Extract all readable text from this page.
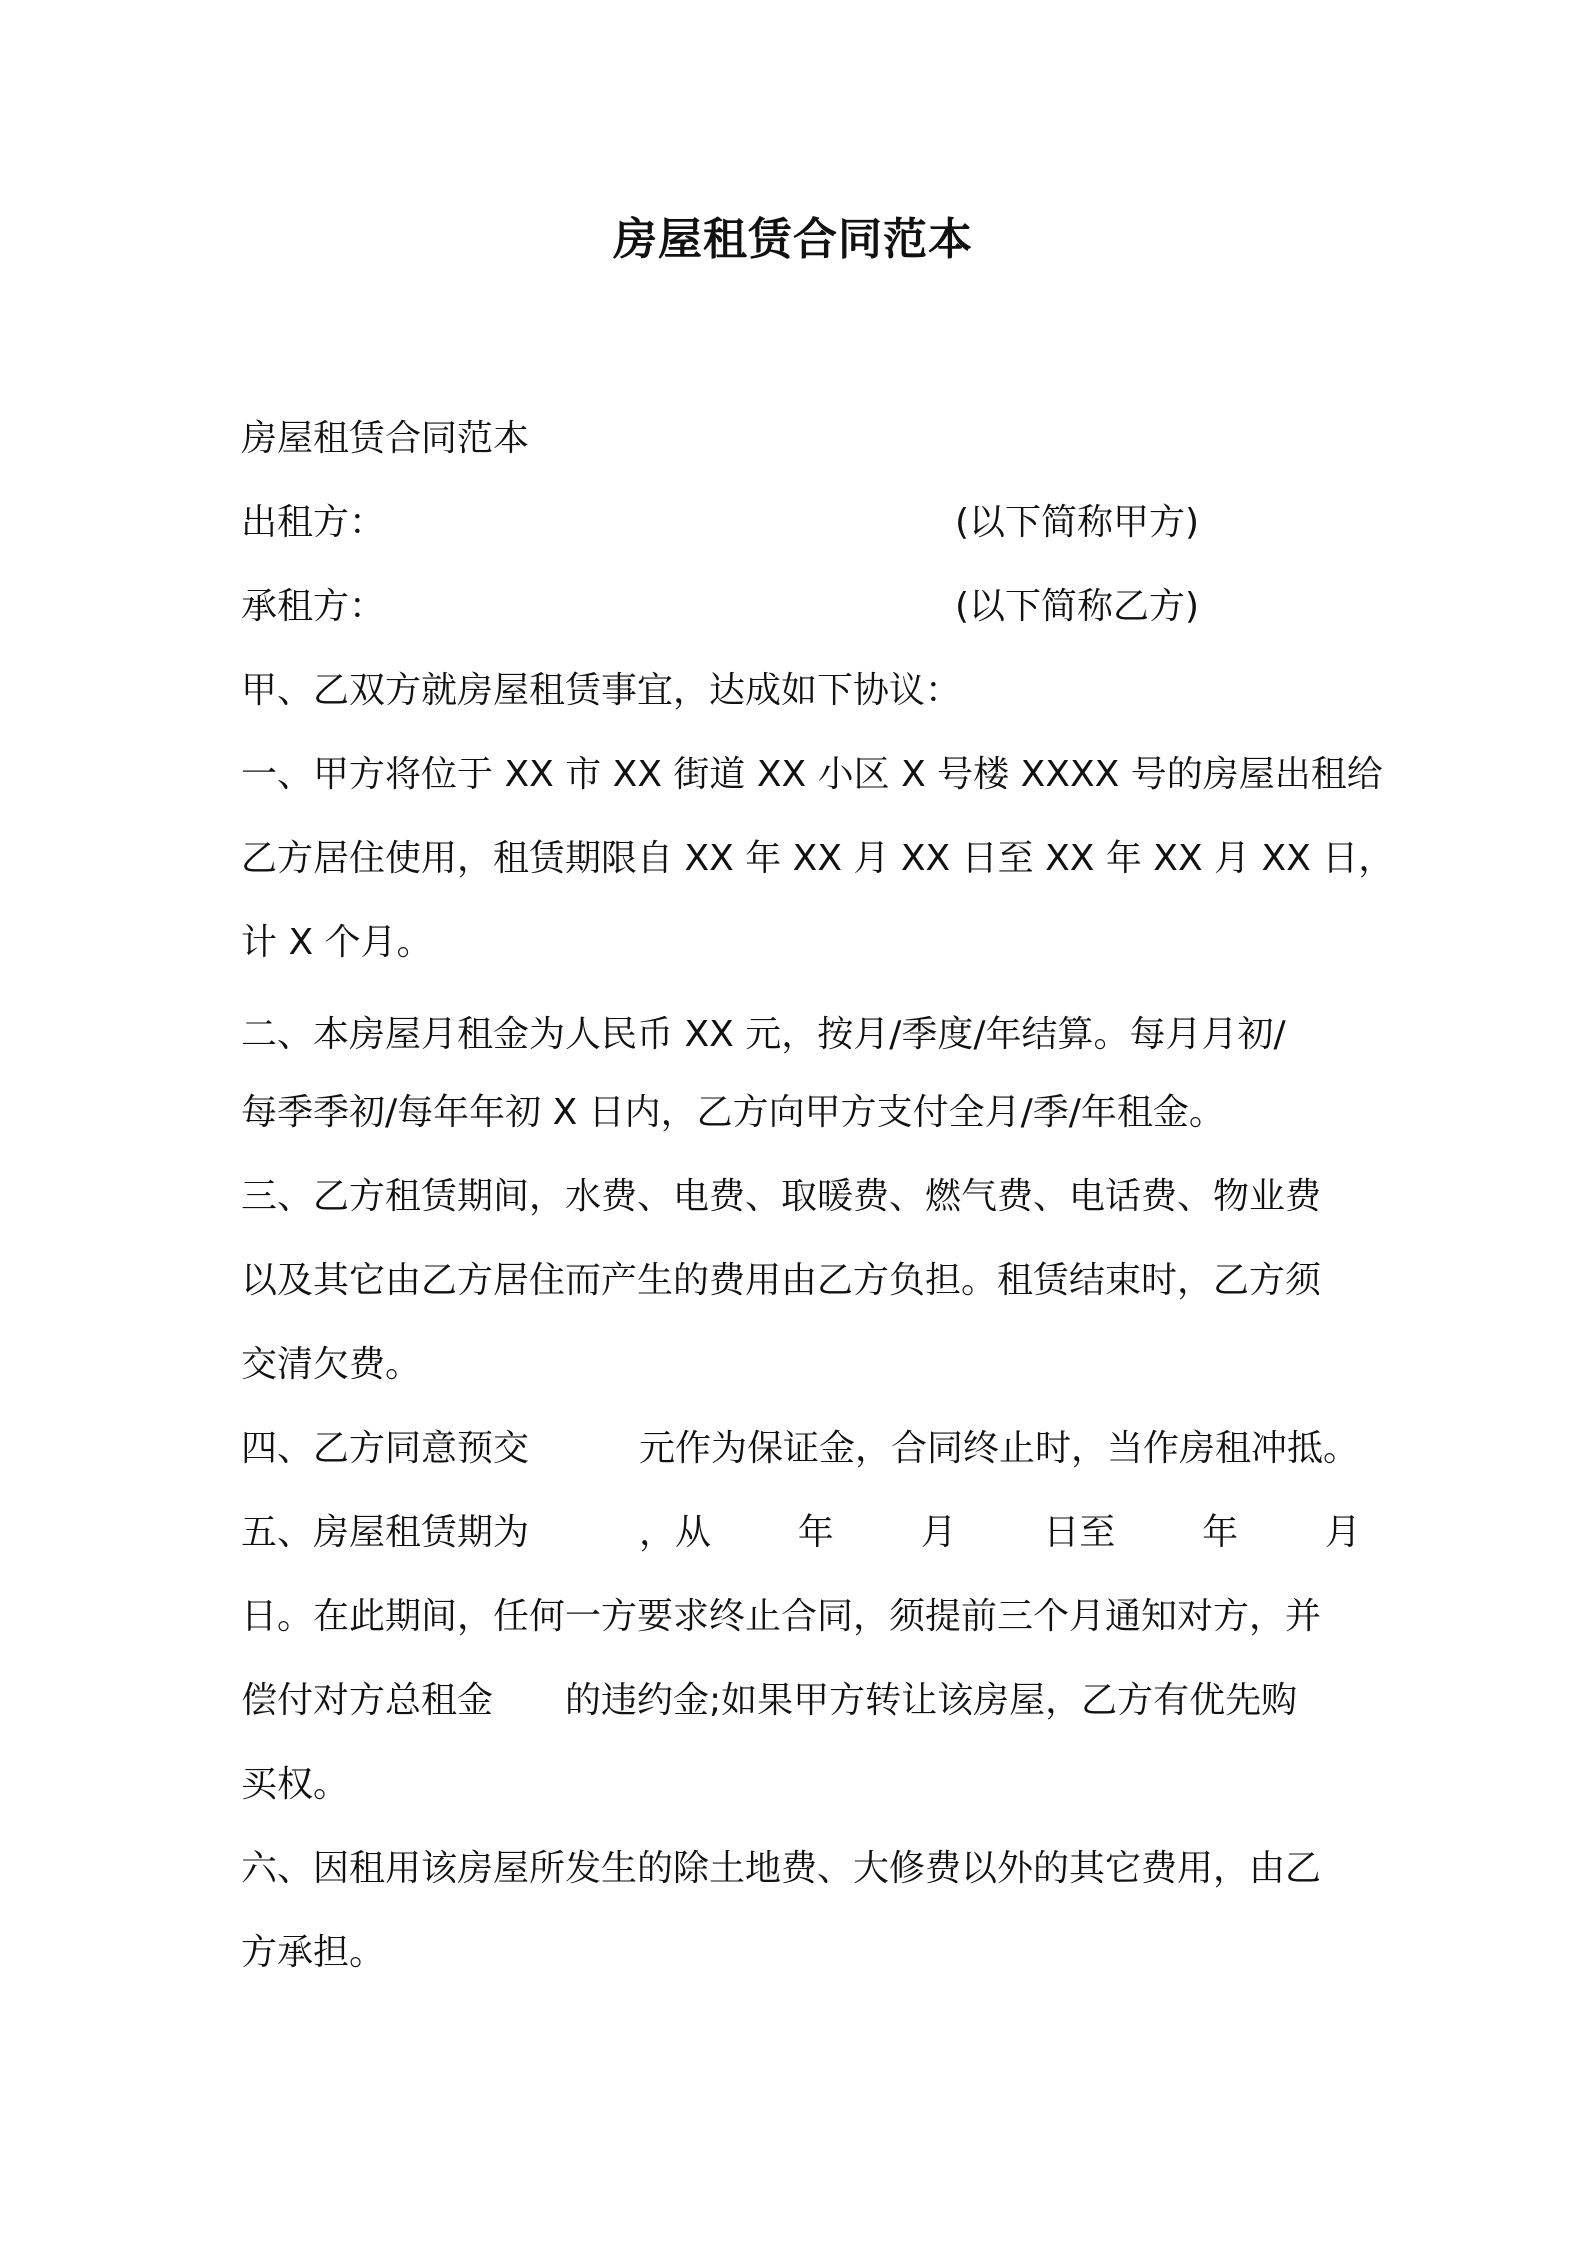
房屋租赁合同范本
房屋租赁合同范本
出租方：	(以下简称甲方)
承租方：	(以下简称乙方)
甲、乙双方就房屋租赁事宜，达成如下协议：
一、甲方将位于 XX 市 XX 街道 XX 小区 X 号楼 XXXX 号的房屋出租给
乙方居住使用，租赁期限自 XX 年 XX 月 XX 日至 XX 年 XX 月 XX 日，
计 X 个月。
二、本房屋月租金为人民币 XX 元，按月/季度/年结算。每月月初/
每季季初/每年年初 X 日内，乙方向甲方支付全月/季/年租金。
三、乙方租赁期间，水费、电费、取暖费、燃气费、电话费、物业费
以及其它由乙方居住而产生的费用由乙方负担。租赁结束时，乙方须
交清欠费。
四、乙方同意预交	元作为保证金，合同终止时，当作房租冲抵。
五、房屋租赁期为	，从 年 月 日至 年 月
日。在此期间，任何一方要求终止合同，须提前三个月通知对方，并
偿付对方总租金 的违约金;如果甲方转让该房屋，乙方有优先购
买权。
六、因租用该房屋所发生的除土地费、大修费以外的其它费用，由乙
方承担。
